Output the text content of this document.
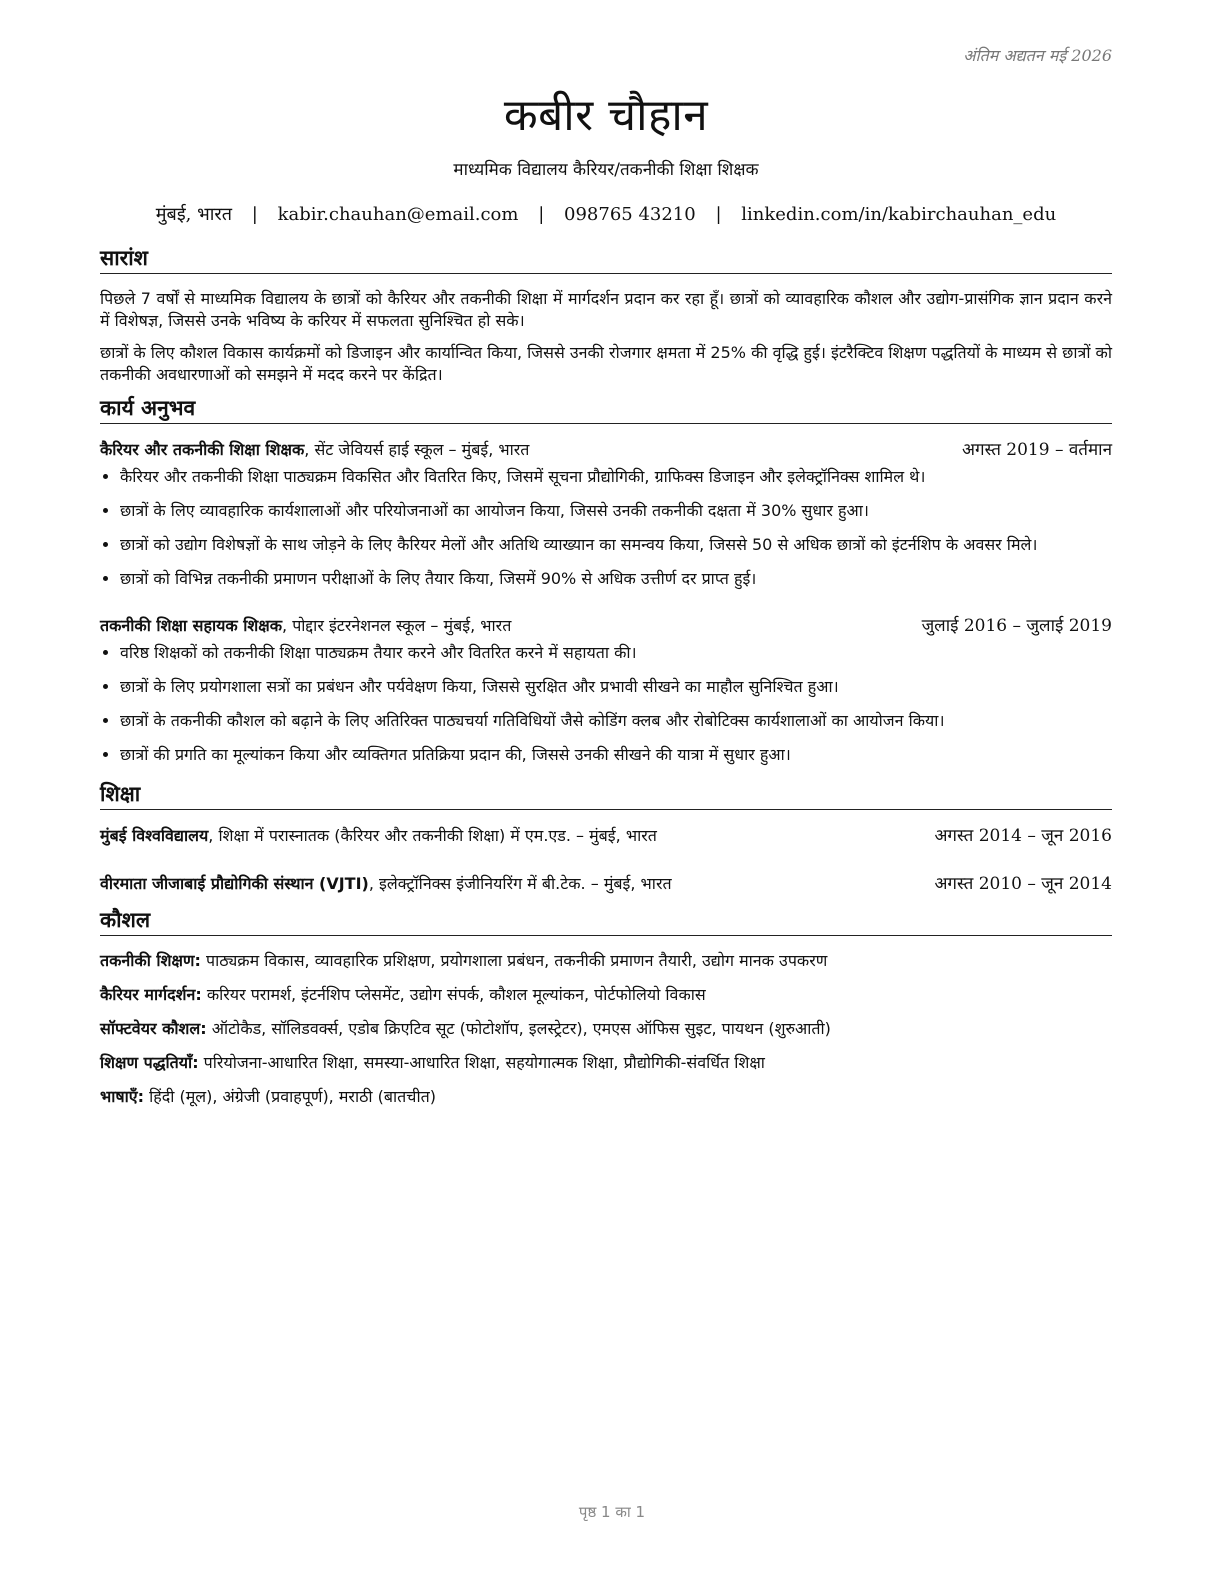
अंतिम अद्यतन मई 2026
कबीर चौहान
माध्यमिक विद्यालय कैरियर/तकनीकी शिक्षा शिक्षक
मुंबई, भारत | kabir.chauhan@email.com | 098765 43210 | linkedin.com/in/kabirchauhan_edu
सारांश

पिछले 7 वर्षों से माध्यमिक विद्यालय के छात्रों को कैरियर और तकनीकी शिक्षा में मार्गदर्शन प्रदान कर रहा हूँ। छात्रों को व्यावहारिक कौशल और उद्योग-प्रासंगिक ज्ञान प्रदान करने में विशेषज्ञ, जिससे उनके भविष्य के करियर में सफलता सुनिश्चित हो सके।

छात्रों के लिए कौशल विकास कार्यक्रमों को डिजाइन और कार्यान्वित किया, जिससे उनकी रोजगार क्षमता में 25% की वृद्धि हुई। इंटरैक्टिव शिक्षण पद्धतियों के माध्यम से छात्रों को तकनीकी अवधारणाओं को समझने में मदद करने पर केंद्रित।

कार्य अनुभव
कैरियर और तकनीकी शिक्षा शिक्षक, सेंट जेवियर्स हाई स्कूल – मुंबई, भारत	अगस्त 2019 – वर्तमान
• कैरियर और तकनीकी शिक्षा पाठ्यक्रम विकसित और वितरित किए, जिसमें सूचना प्रौद्योगिकी, ग्राफिक्स डिजाइन और इलेक्ट्रॉनिक्स शामिल थे।
• छात्रों के लिए व्यावहारिक कार्यशालाओं और परियोजनाओं का आयोजन किया, जिससे उनकी तकनीकी दक्षता में 30% सुधार हुआ।
• छात्रों को उद्योग विशेषज्ञों के साथ जोड़ने के लिए कैरियर मेलों और अतिथि व्याख्यान का समन्वय किया, जिससे 50 से अधिक छात्रों को इंटर्नशिप के अवसर मिले।
• छात्रों को विभिन्न तकनीकी प्रमाणन परीक्षाओं के लिए तैयार किया, जिसमें 90% से अधिक उत्तीर्ण दर प्राप्त हुई।
तकनीकी शिक्षा सहायक शिक्षक, पोद्दार इंटरनेशनल स्कूल – मुंबई, भारत	जुलाई 2016 – जुलाई 2019
• वरिष्ठ शिक्षकों को तकनीकी शिक्षा पाठ्यक्रम तैयार करने और वितरित करने में सहायता की।
• छात्रों के लिए प्रयोगशाला सत्रों का प्रबंधन और पर्यवेक्षण किया, जिससे सुरक्षित और प्रभावी सीखने का माहौल सुनिश्चित हुआ।
• छात्रों के तकनीकी कौशल को बढ़ाने के लिए अतिरिक्त पाठ्यचर्या गतिविधियों जैसे कोडिंग क्लब और रोबोटिक्स कार्यशालाओं का आयोजन किया।
• छात्रों की प्रगति का मूल्यांकन किया और व्यक्तिगत प्रतिक्रिया प्रदान की, जिससे उनकी सीखने की यात्रा में सुधार हुआ।
शिक्षा
मुंबई विश्वविद्यालय, शिक्षा में परास्नातक (कैरियर और तकनीकी शिक्षा) में एम.एड. – मुंबई, भारत	अगस्त 2014 – जून 2016
वीरमाता जीजाबाई प्रौद्योगिकी संस्थान (VJTI), इलेक्ट्रॉनिक्स इंजीनियरिंग में बी.टेक. – मुंबई, भारत	अगस्त 2010 – जून 2014
कौशल
तकनीकी शिक्षण: पाठ्यक्रम विकास, व्यावहारिक प्रशिक्षण, प्रयोगशाला प्रबंधन, तकनीकी प्रमाणन तैयारी, उद्योग मानक उपकरण
कैरियर मार्गदर्शन: करियर परामर्श, इंटर्नशिप प्लेसमेंट, उद्योग संपर्क, कौशल मूल्यांकन, पोर्टफोलियो विकास
सॉफ्टवेयर कौशल: ऑटोकैड, सॉलिडवर्क्स, एडोब क्रिएटिव सूट (फोटोशॉप, इलस्ट्रेटर), एमएस ऑफिस सुइट, पायथन (शुरुआती)
शिक्षण पद्धतियाँ: परियोजना-आधारित शिक्षा, समस्या-आधारित शिक्षा, सहयोगात्मक शिक्षा, प्रौद्योगिकी-संवर्धित शिक्षा
भाषाएँ: हिंदी (मूल), अंग्रेजी (प्रवाहपूर्ण), मराठी (बातचीत)
पृष्ठ 1 का 1
